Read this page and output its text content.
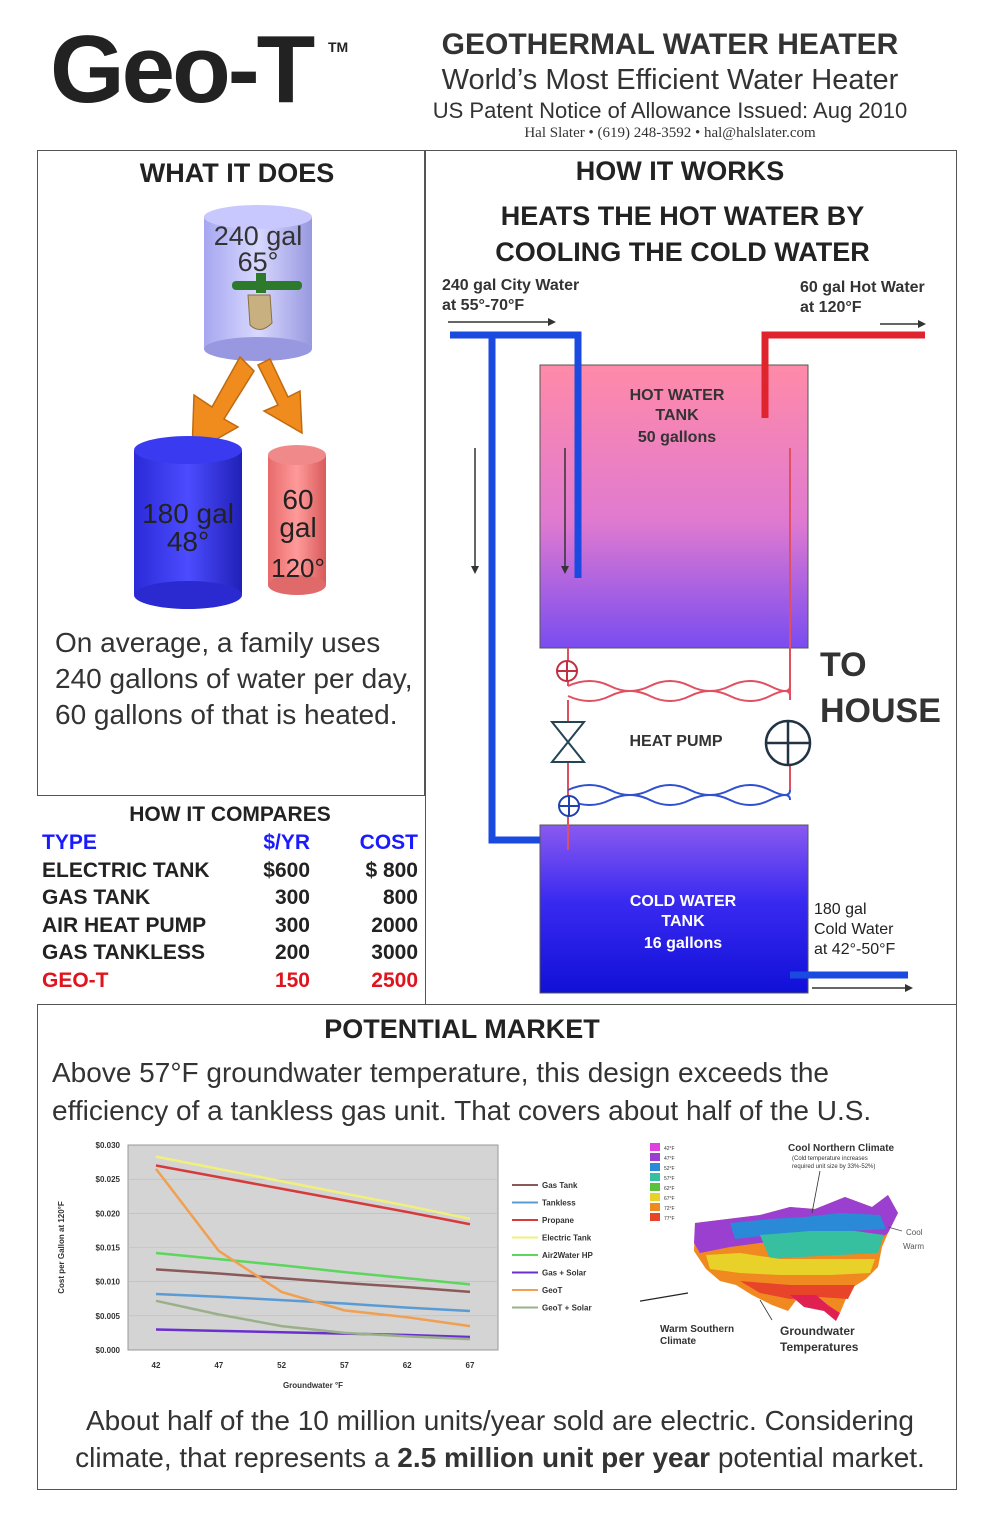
Geo-T TM	GEOTHERMAL WATER HEATER
World’s Most Efficient Water Heater
US Patent Notice of Allowance Issued: Aug 2010
Hal Slater • (619) 248-3592 • hal@halslater.com
WHAT IT DOES
240 gal
65°
180 gal
48°
60
gal
120°
On average, a family uses 240 gallons of water per day, 60 gallons of that is heated.
HOW IT COMPARES
HOW IT WORKS
HEATS THE HOT WATER BY
COOLING THE COLD WATER
240 gal City Water
at 55°-70°F
60 gal Hot Water
at 120°F
HOT WATER
TANK
50 gallons
COLD WATER
TANK
16 gallons
HEAT PUMP
TO
HOUSE
180 gal
Cold Water
at 42°-50°F
POTENTIAL MARKET
Above 57°F groundwater temperature, this design exceeds the efficiency of a tankless gas unit. That covers about half of the U.S.
$0.000
$0.005
$0.010
$0.015
$0.020
$0.025
$0.030
42	47	52	57	62	67
Groundwater °F
Cost per Gallon at 120°F
Gas Tank
Tankless
Propane
Electric Tank
Air2Water HP
Gas + Solar
GeoT
GeoT + Solar
42°F
47°F
52°F
57°F
62°F
67°F
72°F
77°F
Cool Northern Climate
(Cold temperature increases
required unit size by 33%-52%)
Cool
Warm
Warm Southern
Climate
Groundwater
Temperatures
About half of the 10 million units/year sold are electric. Considering climate, that represents a 2.5 million unit per year potential market.
TYPE	$/YR COST
ELECTRIC TANK	$600	$ 800
GAS TANK	300	800
AIR HEAT PUMP	300	2000
GAS TANKLESS	200	3000
GEO-T	150	2500
